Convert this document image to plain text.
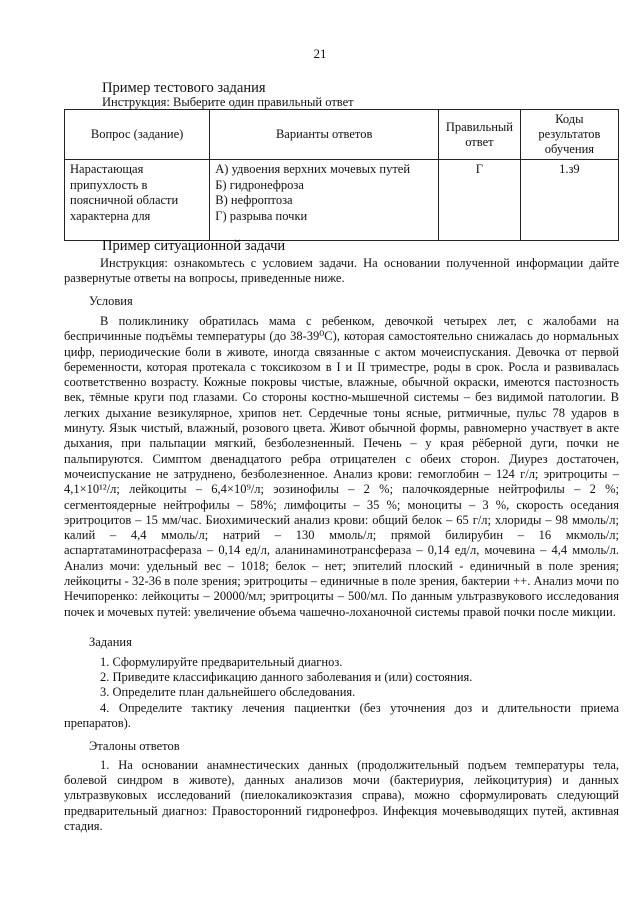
21
Пример тестового задания
Инструкция: Выберите один правильный ответ
Вопрос (задание)	Варианты ответов	Правильный ответ	Коды результатов обучения
Нарастающая припухлость в поясничной области характерна для	А) удвоения верхних мочевых путей
Б) гидронефроза
В) нефроптоза
Г) разрыва почки	Г	1.з9
Пример ситуационной задачи
Инструкция: ознакомьтесь с условием задачи. На основании полученной информации дайте развернутые ответы на вопросы, приведенные ниже.
Условия
В поликлинику обратилась мама с ребенком, девочкой четырех лет, с жалобами на беспричинные подъёмы температуры (до 38-39⁰С), которая самостоятельно снижалась до нормальных цифр, периодические боли в животе, иногда связанные с актом мочеиспускания. Девочка от первой беременности, которая протекала с токсикозом в I и II триместре, роды в срок. Росла и развивалась соответственно возрасту. Кожные покровы чистые, влажные, обычной окраски, имеются пастозность век, тёмные круги под глазами. Со стороны костно-мышечной системы – без видимой патологии. В легких дыхание везикулярное, хрипов нет. Сердечные тоны ясные, ритмичные, пульс 78 ударов в минуту. Язык чистый, влажный, розового цвета. Живот обычной формы, равномерно участвует в акте дыхания, при пальпации мягкий, безболезненный. Печень – у края рёберной дуги, почки не пальпируются. Симптом двенадцатого ребра отрицателен с обеих сторон. Диурез достаточен, мочеиспускание не затруднено, безболезненное. Анализ крови: гемоглобин – 124 г/л; эритроциты – 4,1×10¹²/л; лейкоциты – 6,4×10⁹/л; эозинофилы – 2 %; палочкоядерные нейтрофилы – 2 %; сегментоядерные нейтрофилы – 58%; лимфоциты – 35 %; моноциты – 3 %, скорость оседания эритроцитов – 15 мм/час. Биохимический анализ крови: общий белок – 65 г/л; хлориды – 98 ммоль/л; калий – 4,4 ммоль/л; натрий – 130 ммоль/л; прямой билирубин – 16 мкмоль/л; аспартатаминотрасфераза – 0,14 ед/л, аланинаминотрансфераза – 0,14 ед/л, мочевина – 4,4 ммоль/л. Анализ мочи: удельный вес – 1018; белок – нет; эпителий плоский - единичный в поле зрения; лейкоциты - 32-36 в поле зрения; эритроциты – единичные в поле зрения, бактерии ++. Анализ мочи по Нечипоренко: лейкоциты – 20000/мл; эритроциты – 500/мл. По данным ультразвукового исследования почек и мочевых путей: увеличение объема чашечно-лоханочной системы правой почки после микции.
Задания
1. Сформулируйте предварительный диагноз.
2. Приведите классификацию данного заболевания и (или) состояния.
3. Определите план дальнейшего обследования.
4. Определите тактику лечения пациентки (без уточнения доз и длительности приема препаратов).
Эталоны ответов
1. На основании анамнестических данных (продолжительный подъем температуры тела, болевой синдром в животе), данных анализов мочи (бактериурия, лейкоцитурия) и данных ультразвуковых исследований (пиелокаликоэктазия справа), можно сформулировать следующий предварительный диагноз: Правосторонний гидронефроз. Инфекция мочевыводящих путей, активная стадия.
